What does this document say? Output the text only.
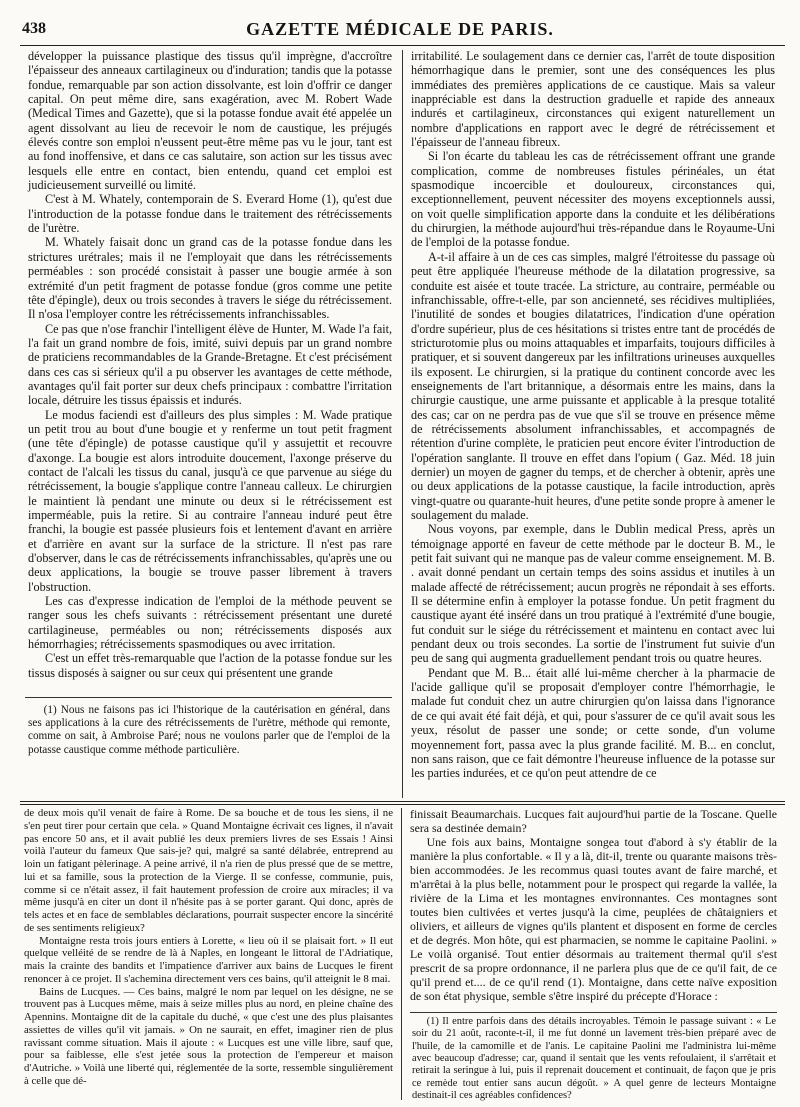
438	GAZETTE MÉDICALE DE PARIS.

développer la puissance plastique des tissus qu'il imprègne, d'accroître l'épaisseur des anneaux cartilagineux ou d'induration; tandis que la potasse fondue, remarquable par son action dissolvante, est loin d'offrir ce danger capital. On peut même dire, sans exagération, avec M. Robert Wade (Medical Times and Gazette), que si la potasse fondue avait été appelée un agent dissolvant au lieu de recevoir le nom de caustique, les préjugés élevés contre son emploi n'eussent peut-être même pas vu le jour, tant est au fond inoffensive, et dans ce cas salutaire, son action sur les tissus avec lesquels elle entre en contact, bien entendu, quand cet emploi est judicieusement surveillé ou limité.

C'est à M. Whately, contemporain de S. Everard Home (1), qu'est due l'introduction de la potasse fondue dans le traitement des rétrécissements de l'urètre.

M. Whately faisait donc un grand cas de la potasse fondue dans les strictures urétrales; mais il ne l'employait que dans les rétrécissements perméables : son procédé consistait à passer une bougie armée à son extrémité d'un petit fragment de potasse fondue (gros comme une petite tête d'épingle), deux ou trois secondes à travers le siége du rétrécissement. Il n'osa l'employer contre les rétrécissements infranchissables.

Ce pas que n'ose franchir l'intelligent élève de Hunter, M. Wade l'a fait, l'a fait un grand nombre de fois, imité, suivi depuis par un grand nombre de praticiens recommandables de la Grande-Bretagne. Et c'est précisément dans ces cas si sérieux qu'il a pu observer les avantages de cette méthode, avantages qu'il fait porter sur deux chefs principaux : combattre l'irritation locale, détruire les tissus épaissis et indurés.

Le modus faciendi est d'ailleurs des plus simples : M. Wade pratique un petit trou au bout d'une bougie et y renferme un tout petit fragment (une tête d'épingle) de potasse caustique qu'il y assujettit et recouvre d'axonge. La bougie est alors introduite doucement, l'axonge préserve du contact de l'alcali les tissus du canal, jusqu'à ce que parvenue au siége du rétrécissement, la bougie s'applique contre l'anneau calleux. Le chirurgien le maintient là pendant une minute ou deux si le rétrécissement est imperméable, puis la retire. Si au contraire l'anneau induré peut être franchi, la bougie est passée plusieurs fois et lentement d'avant en arrière et d'arrière en avant sur la surface de la stricture. Il n'est pas rare d'observer, dans le cas de rétrécissements infranchissables, qu'après une ou deux applications, la bougie se trouve passer librement à travers l'obstruction.

Les cas d'expresse indication de l'emploi de la méthode peuvent se ranger sous les chefs suivants : rétrécissement présentant une dureté cartilagineuse, perméables ou non; rétrécissements disposés aux hémorrhagies; rétrécissements spasmodiques ou avec irritation.

C'est un effet très-remarquable que l'action de la potasse fondue sur les tissus disposés à saigner ou sur ceux qui présentent une grande

irritabilité. Le soulagement dans ce dernier cas, l'arrêt de toute disposition hémorrhagique dans le premier, sont une des conséquences les plus immédiates des premières applications de ce caustique. Mais sa valeur inappréciable est dans la destruction graduelle et rapide des anneaux indurés et cartilagineux, circonstances qui exigent naturellement un nombre d'applications en rapport avec le degré de rétrécissement et l'épaisseur de l'anneau fibreux.

Si l'on écarte du tableau les cas de rétrécissement offrant une grande complication, comme de nombreuses fistules périnéales, un état spasmodique incoercible et douloureux, circonstances qui, exceptionnellement, peuvent nécessiter des moyens exceptionnels aussi, on voit quelle simplification apporte dans la conduite et les délibérations du chirurgien, la méthode aujourd'hui très-répandue dans le Royaume-Uni de l'emploi de la potasse fondue.

A-t-il affaire à un de ces cas simples, malgré l'étroitesse du passage où peut être appliquée l'heureuse méthode de la dilatation progressive, sa conduite est aisée et toute tracée. La stricture, au contraire, perméable ou infranchissable, offre-t-elle, par son ancienneté, ses récidives multipliées, l'inutilité de sondes et bougies dilatatrices, l'indication d'une opération d'ordre supérieur, plus de ces hésitations si tristes entre tant de procédés de stricturotomie plus ou moins attaquables et imparfaits, toujours difficiles à pratiquer, et si souvent dangereux par les infiltrations urineuses auxquelles ils exposent. Le chirurgien, si la pratique du continent concorde avec les enseignements de l'art britannique, a désormais entre les mains, dans la chirurgie caustique, une arme puissante et applicable à la presque totalité des cas; car on ne perdra pas de vue que s'il se trouve en présence même de rétrécissements absolument infranchissables, et accompagnés de rétention d'urine complète, le praticien peut encore éviter l'introduction de l'opération sanglante. Il trouve en effet dans l'opium ( Gaz. Méd. 18 juin dernier) un moyen de gagner du temps, et de chercher à obtenir, après une ou deux applications de la potasse caustique, la facile introduction, après vingt-quatre ou quarante-huit heures, d'une petite sonde propre à amener le soulagement du malade.

Nous voyons, par exemple, dans le Dublin medical Press, après un témoignage apporté en faveur de cette méthode par le docteur B. M., le petit fait suivant qui ne manque pas de valeur comme enseignement. M. B. . avait donné pendant un certain temps des soins assidus et inutiles à un malade affecté de rétrécissement; aucun progrès ne répondait à ses efforts. Il se détermine enfin à employer la potasse fondue. Un petit fragment du caustique ayant été inséré dans un trou pratiqué à l'extrémité d'une bougie, fut conduit sur le siége du rétrécissement et maintenu en contact avec lui pendant deux ou trois secondes. La sortie de l'instrument fut suivie d'un peu de sang qui augmenta graduellement pendant trois ou quatre heures.

Pendant que M. B... était allé lui-même chercher à la pharmacie de l'acide gallique qu'il se proposait d'employer contre l'hémorrhagie, le malade fut conduit chez un autre chirurgien qu'on laissa dans l'ignorance de ce qui avait été fait déjà, et qui, pour s'assurer de ce qu'il avait sous les yeux, résolut de passer une sonde; or cette sonde, d'un volume moyennement fort, passa avec la plus grande facilité. M. B... en conclut, non sans raison, que ce fait démontre l'heureuse influence de la potasse sur les parties indurées, et ce qu'on peut attendre de ce

(1) Nous ne faisons pas ici l'historique de la cautérisation en général, dans ses applications à la cure des rétrécissements de l'urètre, méthode qui remonte, comme on sait, à Ambroise Paré; nous ne voulons parler que de l'emploi de la potasse caustique comme méthode particulière.

de deux mois qu'il venait de faire à Rome. De sa bouche et de tous les siens, il ne s'en peut tirer pour certain que cela. » Quand Montaigne écrivait ces lignes, il n'avait pas encore 50 ans, et il avait publié les deux premiers livres de ses Essais ! Ainsi voilà l'auteur du fameux Que sais-je? qui, malgré sa santé délabrée, entreprend au loin un fatigant pèlerinage. A peine arrivé, il n'a rien de plus pressé que de se mettre, lui et sa famille, sous la protection de la Vierge. Il se confesse, communie, puis, comme si ce n'était assez, il fait hautement profession de croire aux miracles; il va même jusqu'à en citer un dont il n'hésite pas à se porter garant. Qui donc, après de tels actes et en face de semblables déclarations, pourrait suspecter encore la sincérité de ses sentiments religieux?

Montaigne resta trois jours entiers à Lorette, « lieu où il se plaisait fort. » Il eut quelque velléité de se rendre de là à Naples, en longeant le littoral de l'Adriatique, mais la crainte des bandits et l'impatience d'arriver aux bains de Lucques le firent renoncer à ce projet. Il s'achemina directement vers ces bains, qu'il atteignit le 8 mai.

Bains de Lucques. — Ces bains, malgré le nom par lequel on les désigne, ne se trouvent pas à Lucques même, mais à seize milles plus au nord, en pleine chaîne des Apennins. Montaigne dit de la capitale du duché, « que c'est une des plus plaisantes assiettes de villes qu'il vit jamais. » On ne saurait, en effet, imaginer rien de plus ravissant comme situation. Mais il ajoute : « Lucques est une ville libre, sauf que, pour sa faiblesse, elle s'est jetée sous la protection de l'empereur et maison d'Autriche. » Voilà une liberté qui, réglementée de la sorte, ressemble singulièrement à celle que dé-

finissait Beaumarchais. Lucques fait aujourd'hui partie de la Toscane. Quelle sera sa destinée demain?

Une fois aux bains, Montaigne songea tout d'abord à s'y établir de la manière la plus confortable. « Il y a là, dit-il, trente ou quarante maisons très-bien accommodées. Je les recommus quasi toutes avant de faire marché, et m'arrêtai à la plus belle, notamment pour le prospect qui regarde la vallée, la rivière de la Lima et les montagnes environnantes. Ces montagnes sont toutes bien cultivées et vertes jusqu'à la cime, peuplées de châtaigniers et oliviers, et ailleurs de vignes qu'ils plantent et disposent en forme de cercles et de degrés. Mon hôte, qui est pharmacien, se nomme le capitaine Paolini. » Le voilà organisé. Tout entier désormais au traitement thermal qu'il s'est prescrit de sa propre ordonnance, il ne parlera plus que de ce qu'il fait, de ce qu'il prend et.... de ce qu'il rend (1). Montaigne, dans cette naïve exposition de son état physique, semble s'être inspiré du précepte d'Horace :

(1) Il entre parfois dans des détails incroyables. Témoin le passage suivant : « Le soir du 21 août, raconte-t-il, il me fut donné un lavement très-bien préparé avec de l'huile, de la camomille et de l'anis. Le capitaine Paolini me l'administra lui-même avec beaucoup d'adresse; car, quand il sentait que les vents refoulaient, il s'arrêtait et retirait la seringue à lui, puis il reprenait doucement et continuait, de façon que je pris ce remède tout entier sans aucun dégoût. » A quel genre de lecteurs Montaigne destinait-il ces agréables confidences?
